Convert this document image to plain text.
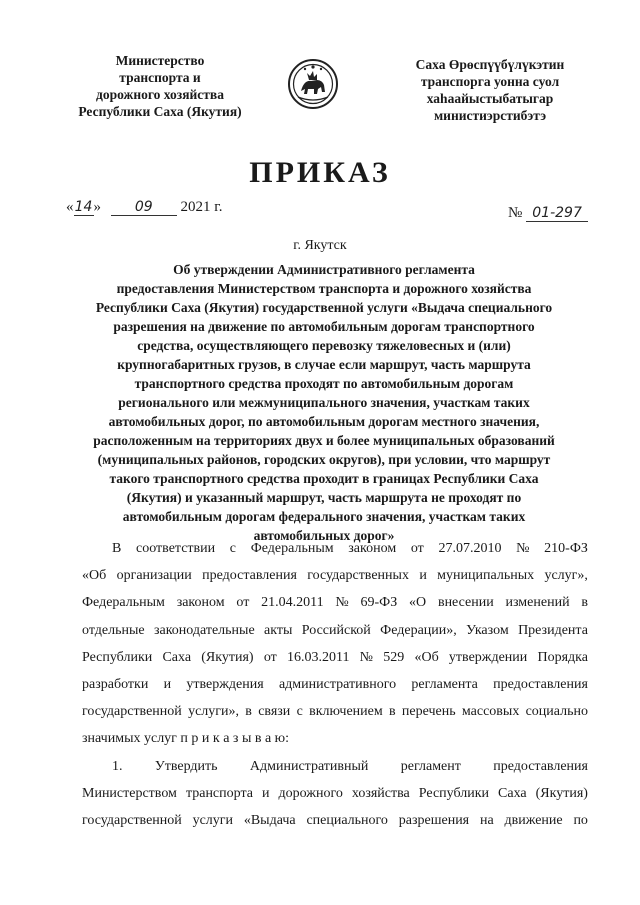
Министерство
транспорта и
дорожного хозяйства
Республики Саха (Якутия)
Саха Өрөспүүбүлүкэтин
транспорга уонна суол
хаһаайыстыбатыгар
министиэрстибэтэ
ПРИКАЗ
«14» 09 2021 г.	№ 01-297
г. Якутск
Об утверждении Административного регламента
предоставления Министерством транспорта и дорожного хозяйства
Республики Саха (Якутия) государственной услуги «Выдача специального
разрешения на движение по автомобильным дорогам транспортного
средства, осуществляющего перевозку тяжеловесных и (или)
крупногабаритных грузов, в случае если маршрут, часть маршрута
транспортного средства проходят по автомобильным дорогам
регионального или межмуниципального значения, участкам таких
автомобильных дорог, по автомобильным дорогам местного значения,
расположенным на территориях двух и более муниципальных образований
(муниципальных районов, городских округов), при условии, что маршрут
такого транспортного средства проходит в границах Республики Саха
(Якутия) и указанный маршрут, часть маршрута не проходят по
автомобильным дорогам федерального значения, участкам таких
автомобильных дорог»
В соответствии с Федеральным законом от 27.07.2010 № 210-ФЗ
«Об организации предоставления государственных и муниципальных услуг»,
Федеральным законом от 21.04.2011 № 69-ФЗ «О внесении изменений в
отдельные законодательные акты Российской Федерации», Указом Президента
Республики Саха (Якутия) от 16.03.2011 № 529 «Об утверждении Порядка
разработки и утверждения административного регламента предоставления
государственной услуги», в связи с включением в перечень массовых социально
значимых услуг п р и к а з ы в а ю:
1. Утвердить Административный регламент предоставления
Министерством транспорта и дорожного хозяйства Республики Саха (Якутия)
государственной услуги «Выдача специального разрешения на движение по
